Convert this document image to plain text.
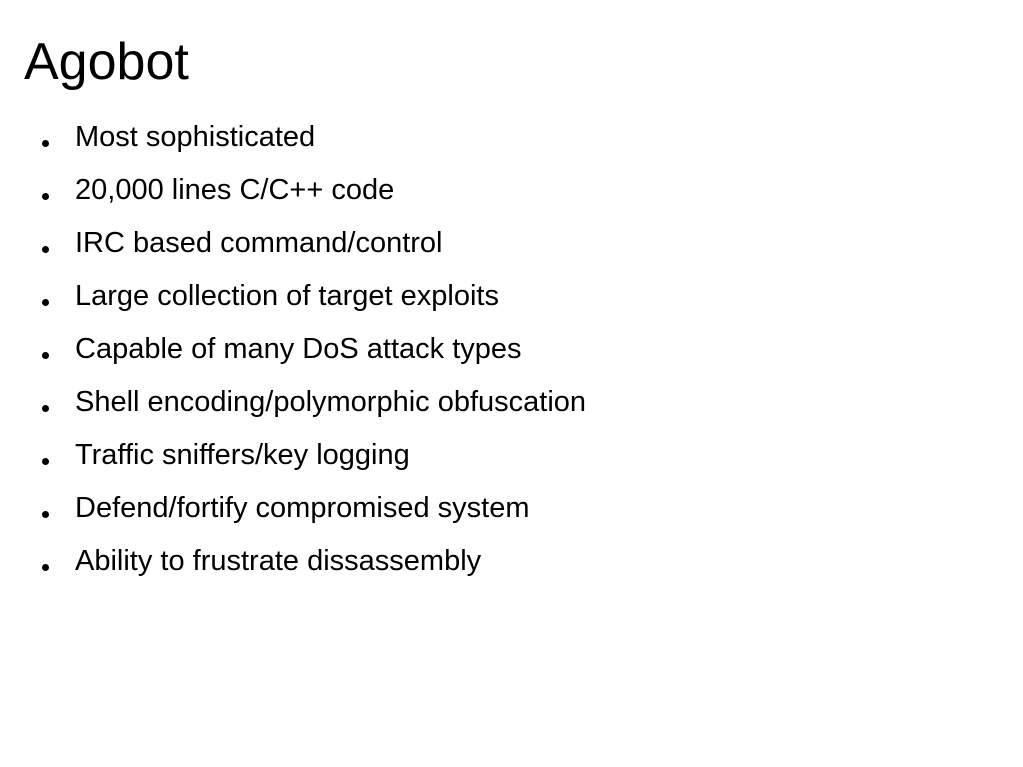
Agobot
Most sophisticated
20,000 lines C/C++ code
IRC based command/control
Large collection of target exploits
Capable of many DoS attack types
Shell encoding/polymorphic obfuscation
Traffic sniffers/key logging
Defend/fortify compromised system
Ability to frustrate dissassembly
